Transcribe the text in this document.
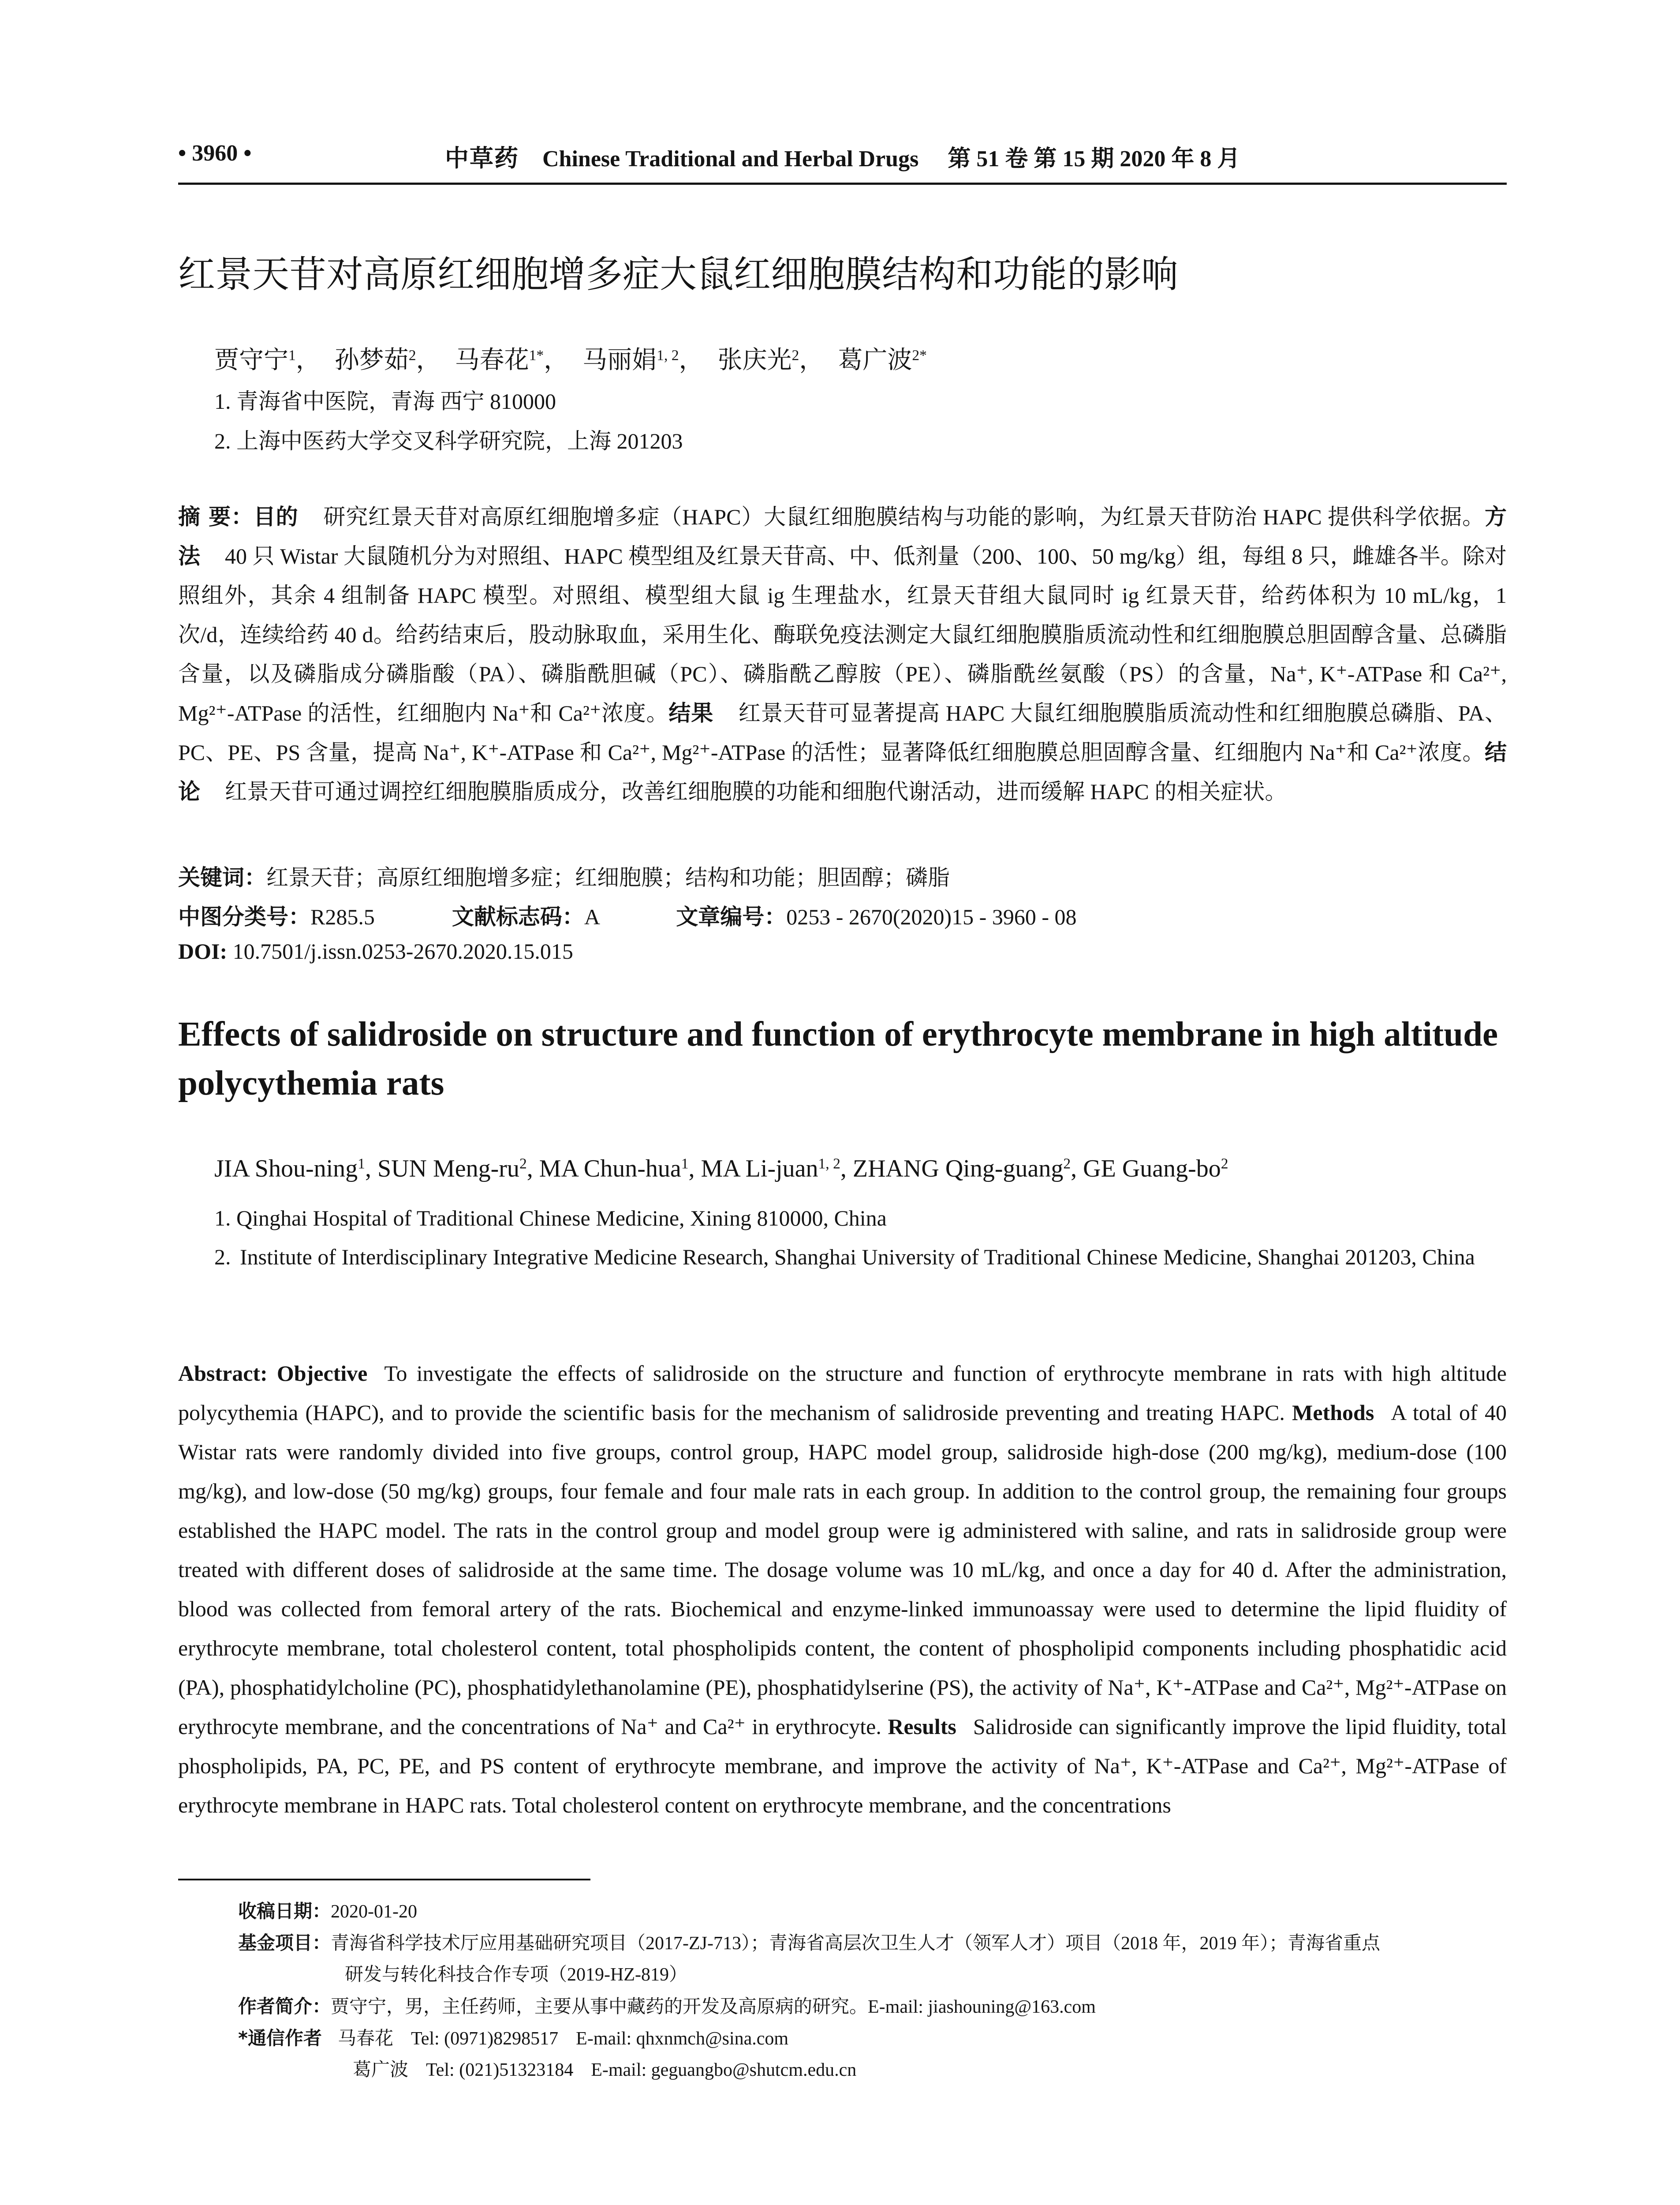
• 3960 •	中草药 Chinese Traditional and Herbal Drugs 第 51 卷 第 15 期 2020 年 8 月
红景天苷对高原红细胞增多症大鼠红细胞膜结构和功能的影响
贾守宁$^1$， 孙梦茹$^2$， 马春花$^{1*}$， 马丽娟$^{1, 2}$， 张庆光$^2$， 葛广波$^{2*}$
1. 青海省中医院，青海 西宁 810000
2. 上海中医药大学交叉科学研究院，上海 201203
摘 要：目的 研究红景天苷对高原红细胞增多症（HAPC）大鼠红细胞膜结构与功能的影响，为红景天苷防治 HAPC 提供科学依据。方法 40 只 Wistar 大鼠随机分为对照组、HAPC 模型组及红景天苷高、中、低剂量（200、100、50 mg/kg）组，每组 8 只，雌雄各半。除对照组外，其余 4 组制备 HAPC 模型。对照组、模型组大鼠 ig 生理盐水，红景天苷组大鼠同时 ig 红景天苷，给药体积为 10 mL/kg，1 次/d，连续给药 40 d。给药结束后，股动脉取血，采用生化、酶联免疫法测定大鼠红细胞膜脂质流动性和红细胞膜总胆固醇含量、总磷脂含量，以及磷脂成分磷脂酸（PA）、磷脂酰胆碱（PC）、磷脂酰乙醇胺（PE）、磷脂酰丝氨酸（PS）的含量，Na⁺, K⁺-ATPase 和 Ca²⁺, Mg²⁺-ATPase 的活性，红细胞内 Na⁺和 Ca²⁺浓度。结果 红景天苷可显著提高 HAPC 大鼠红细胞膜脂质流动性和红细胞膜总磷脂、PA、PC、PE、PS 含量，提高 Na⁺, K⁺-ATPase 和 Ca²⁺, Mg²⁺-ATPase 的活性；显著降低红细胞膜总胆固醇含量、红细胞内 Na⁺和 Ca²⁺浓度。结论 红景天苷可通过调控红细胞膜脂质成分，改善红细胞膜的功能和细胞代谢活动，进而缓解 HAPC 的相关症状。
关键词：红景天苷；高原红细胞增多症；红细胞膜；结构和功能；胆固醇；磷脂
中图分类号：R285.5	文献标志码：A	文章编号：0253 - 2670(2020)15 - 3960 - 08
DOI: 10.7501/j.issn.0253-2670.2020.15.015
Effects of salidroside on structure and function of erythrocyte membrane in high altitude polycythemia rats
JIA Shou-ning$^1$, SUN Meng-$ru^2$, MA Chun-hua$^1$, MA Li-juan$^{1, 2}$, ZHANG Qing-guang$^2$, GE Guang-$bo^2$
1. Qinghai Hospital of Traditional Chinese Medicine, Xining 810000, China
2. Institute of Interdisciplinary Integrative Medicine Research, Shanghai University of Traditional Chinese Medicine, Shanghai 201203, China
Abstract: Objective To investigate the effects of salidroside on the structure and function of erythrocyte membrane in rats with high altitude polycythemia (HAPC), and to provide the scientific basis for the mechanism of salidroside preventing and treating HAPC. Methods A total of 40 Wistar rats were randomly divided into five groups, control group, HAPC model group, salidroside high-dose (200 mg/kg), medium-dose (100 mg/kg), and low-dose (50 mg/kg) groups, four female and four male rats in each group. In addition to the control group, the remaining four groups established the HAPC model. The rats in the control group and model group were ig administered with saline, and rats in salidroside group were treated with different doses of salidroside at the same time. The dosage volume was 10 mL/kg, and once a day for 40 d. After the administration, blood was collected from femoral artery of the rats. Biochemical and enzyme-linked immunoassay were used to determine the lipid fluidity of erythrocyte membrane, total cholesterol content, total phospholipids content, the content of phospholipid components including phosphatidic acid (PA), phosphatidylcholine (PC), phosphatidylethanolamine (PE), phosphatidylserine (PS), the activity of Na⁺, K⁺-ATPase and Ca²⁺, Mg²⁺-ATPase on erythrocyte membrane, and the concentrations of Na⁺ and Ca²⁺ in erythrocyte. Results Salidroside can significantly improve the lipid fluidity, total phospholipids, PA, PC, PE, and PS content of erythrocyte membrane, and improve the activity of Na⁺, K⁺-ATPase and Ca²⁺, Mg²⁺-ATPase of erythrocyte membrane in HAPC rats. Total cholesterol content on erythrocyte membrane, and the concentrations
收稿日期：2020-01-20
基金项目：青海省科学技术厅应用基础研究项目（2017-ZJ-713）；青海省高层次卫生人才（领军人才）项目（2018 年，2019 年）；青海省重点
研发与转化科技合作专项（2019-HZ-819）
作者简介：贾守宁，男，主任药师，主要从事中藏药的开发及高原病的研究。E-mail: jiashouning@163.com
*通信作者 马春花 Tel: (0971)8298517 E-mail: qhxnmch@sina.com
葛广波 Tel: (021)51323184 E-mail: geguangbo@shutcm.edu.cn
